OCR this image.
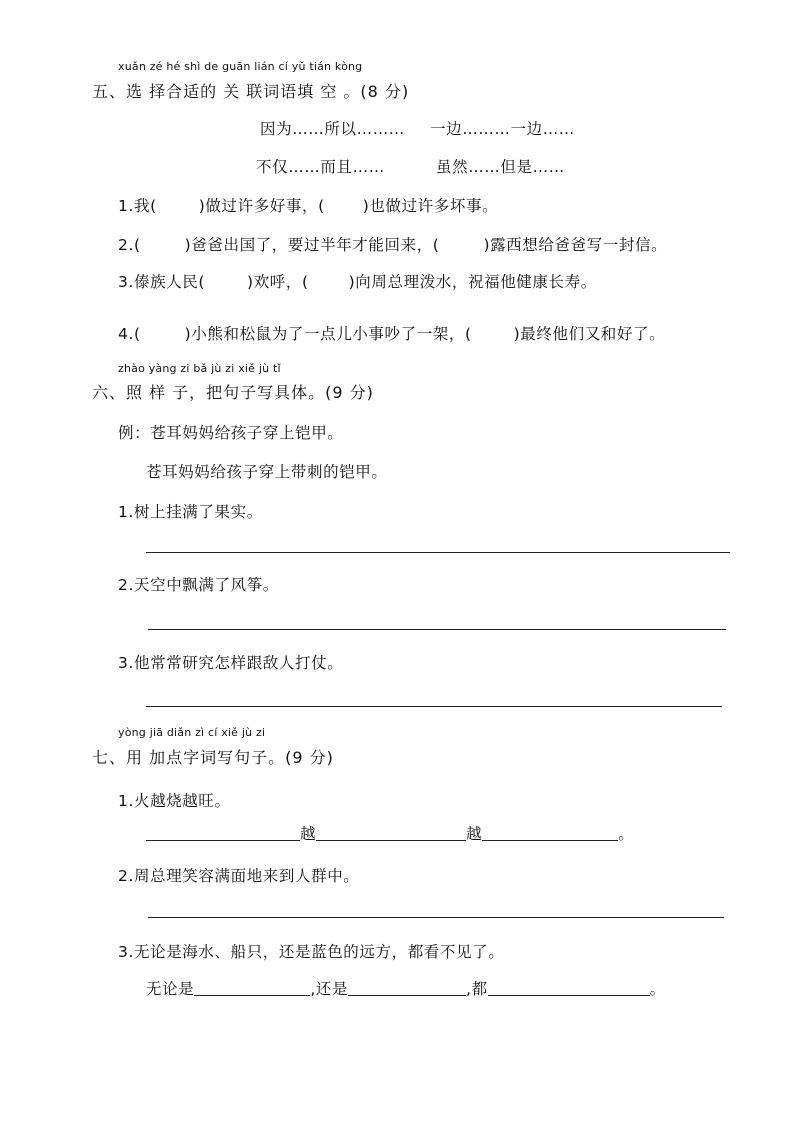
xuǎn zé hé shì de guān lián cí yǔ tián kòng
五、选 择合适的 关 联词语填 空 。(8 分)
因为……所以……… 一边………一边……
不仅……而且……	虽然……但是……
1.我(	)做过许多好事，( )也做过许多坏事。
2.(	)爸爸出国了，要过半年才能回来，(	)露西想给爸爸写一封信。
3.傣族人民(	)欢呼，(	)向周总理泼水，祝福他健康长寿。
4.(	)小熊和松鼠为了一点儿小事吵了一架，(	)最终他们又和好了。
zhào yàng zi bǎ jù zi xiě jù tǐ
六、照 样 子，把句子写具体。(9 分)
例：苍耳妈妈给孩子穿上铠甲。
苍耳妈妈给孩子穿上带刺的铠甲。
1.树上挂满了果实。
2.天空中飘满了风筝。
3.他常常研究怎样跟敌人打仗。
yòng jiā diǎn zì cí xiě jù zi
七、用 加点字词写句子。(9 分)
1.火越烧越旺。
越	越	。
2.周总理笑容满面地来到人群中。
3.无论是海水、船只，还是蓝色的远方，都看不见了。
无论是	,还是	,都	。
